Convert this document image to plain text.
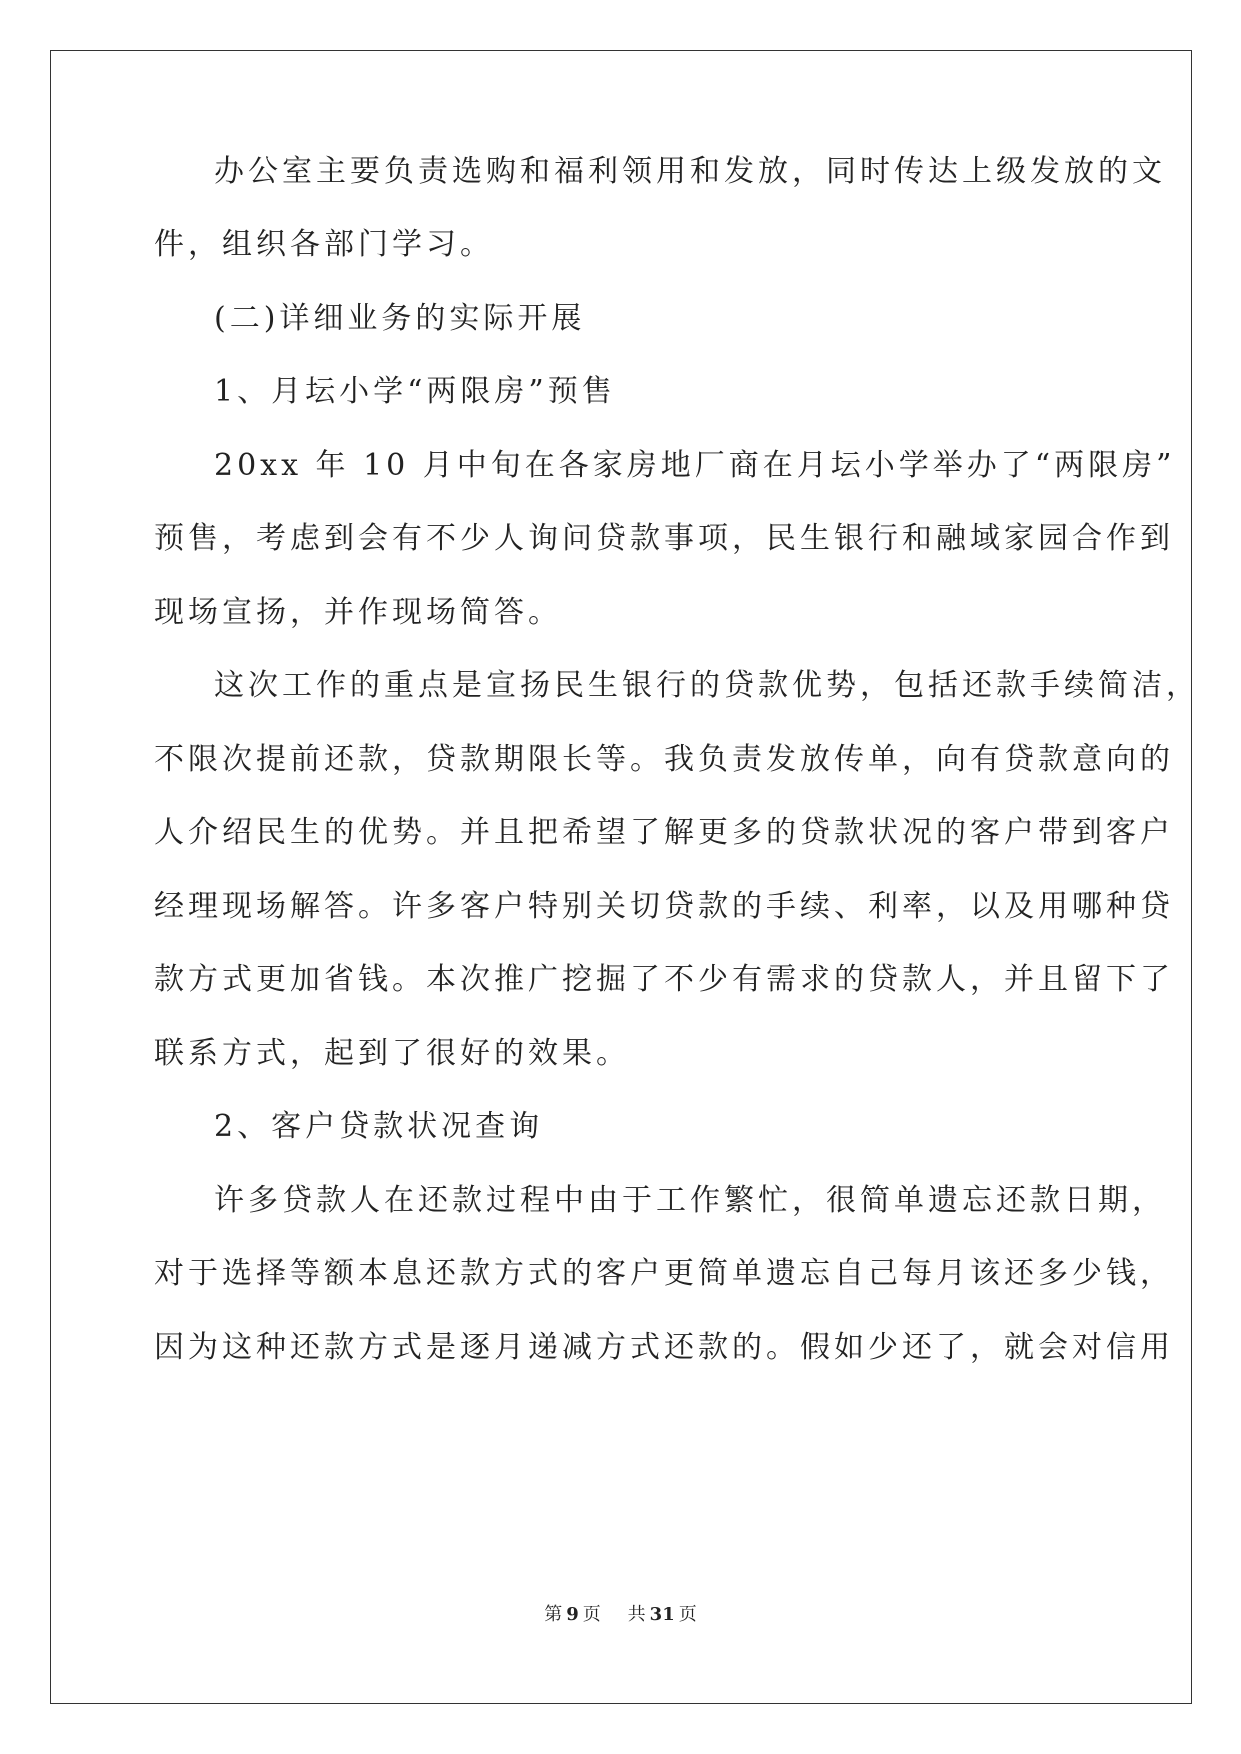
办公室主要负责选购和福利领用和发放，同时传达上级发放的文
件，组织各部门学习。
(二)详细业务的实际开展
1、月坛小学“两限房”预售
20xx 年 10 月中旬在各家房地厂商在月坛小学举办了“两限房”
预售，考虑到会有不少人询问贷款事项，民生银行和融域家园合作到
现场宣扬，并作现场简答。
这次工作的重点是宣扬民生银行的贷款优势，包括还款手续简洁，
不限次提前还款，贷款期限长等。我负责发放传单，向有贷款意向的
人介绍民生的优势。并且把希望了解更多的贷款状况的客户带到客户
经理现场解答。许多客户特别关切贷款的手续、利率，以及用哪种贷
款方式更加省钱。本次推广挖掘了不少有需求的贷款人，并且留下了
联系方式，起到了很好的效果。
2、客户贷款状况查询
许多贷款人在还款过程中由于工作繁忙，很简单遗忘还款日期，
对于选择等额本息还款方式的客户更简单遗忘自己每月该还多少钱，
因为这种还款方式是逐月递减方式还款的。假如少还了，就会对信用
第 9 页 共 31 页
